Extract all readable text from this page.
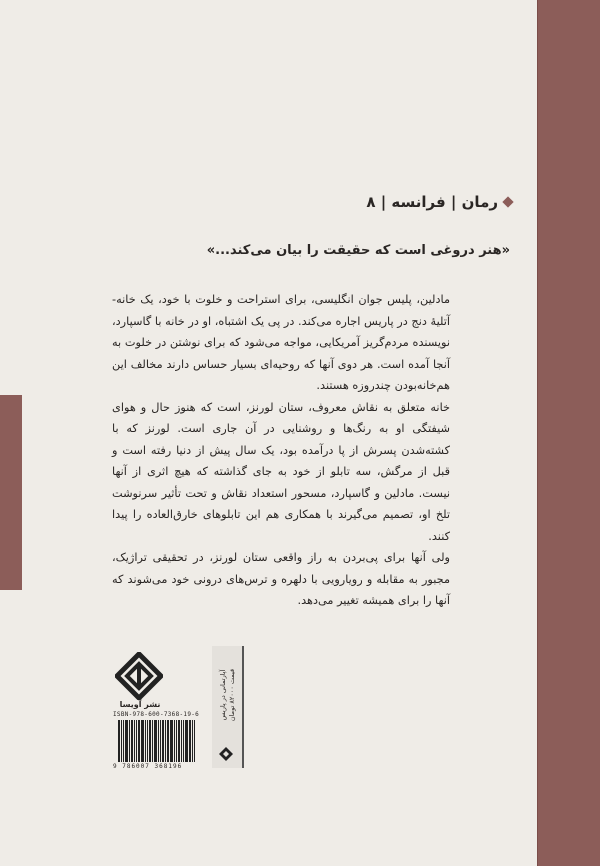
رمان | فرانسه | ۸
«هنر دروغی است که حقیقت را بیان می‌کند...»

مادلین، پلیس جوان انگلیسی، برای استراحت و خلوت با خود، یک خانه-آتلیهٔ دنج در پاریس اجاره می‌کند. در پی یک اشتباه، او در خانه با گاسپارد، نویسنده مردم‌گریز آمریکایی، مواجه می‌شود که برای نوشتن در خلوت به آنجا آمده است. هر دوی آنها که روحیه‌ای بسیار حساس دارند مخالف این هم‌خانه‌بودن چندروزه هستند.

خانه متعلق به نقاش معروف، ستان لورنز، است که هنوز حال و هوای شیفتگی او به رنگ‌ها و روشنایی در آن جاری است. لورنز که با کشته‌شدن پسرش از پا درآمده بود، یک سال پیش از دنیا رفته است و قبل از مرگش، سه تابلو از خود به جای گذاشته که هیچ اثری از آنها نیست. مادلین و گاسپارد، مسحور استعداد نقاش و تحت تأثیر سرنوشت تلخ او، تصمیم می‌گیرند با همکاری هم این تابلوهای خارق‌العاده را پیدا کنند.

ولی آنها برای پی‌بردن به راز واقعی ستان لورنز، در تحقیقی تراژیک، مجبور به مقابله و رویارویی با دلهره و ترس‌های درونی خود می‌شوند که آنها را برای همیشه تغییر می‌دهد.

نشر آویسا
ISBN-978-600-7368-19-6
9 786007 368196
آپارتمانی در پاریس قیمت ۸۲۰۰۰ تومان
